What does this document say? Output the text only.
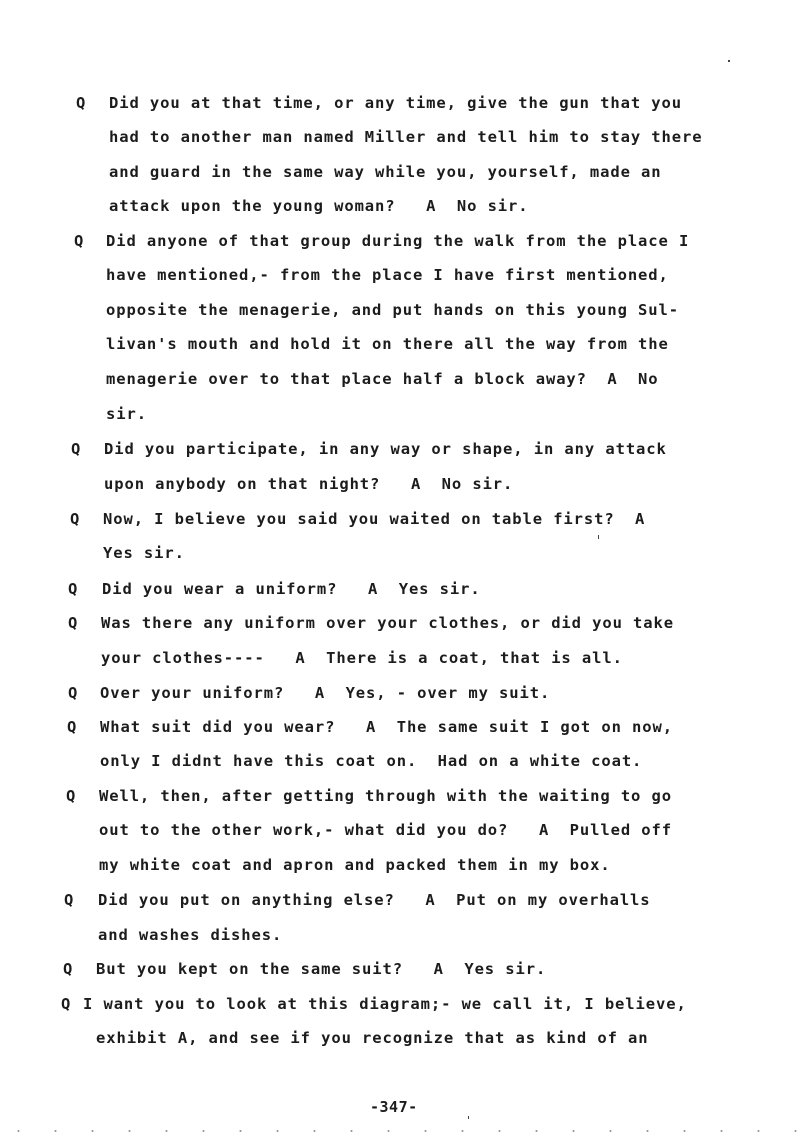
Q Did you at that time, or any time, give the gun that you
had to another man named Miller and tell him to stay there
and guard in the same way while you, yourself, made an
attack upon the young woman?   A  No sir.
Q Did anyone of that group during the walk from the place I
have mentioned,- from the place I have first mentioned,
opposite the menagerie, and put hands on this young Sul-
livan's mouth and hold it on there all the way from the
menagerie over to that place half a block away?  A  No
sir.
Q Did you participate, in any way or shape, in any attack
upon anybody on that night?   A  No sir.
Q Now, I believe you said you waited on table first?  A
Yes sir.
Q Did you wear a uniform?   A  Yes sir.
Q Was there any uniform over your clothes, or did you take
your clothes----   A  There is a coat, that is all.
Q Over your uniform?   A  Yes, - over my suit.
Q What suit did you wear?   A  The same suit I got on now,
only I didnt have this coat on.  Had on a white coat.
Q Well, then, after getting through with the waiting to go
out to the other work,- what did you do?   A  Pulled off
my white coat and apron and packed them in my box.
Q Did you put on anything else?   A  Put on my overhalls
and washes dishes.
Q But you kept on the same suit?   A  Yes sir.
Q I want you to look at this diagram;- we call it, I believe,
exhibit A, and see if you recognize that as kind of an
-347-
